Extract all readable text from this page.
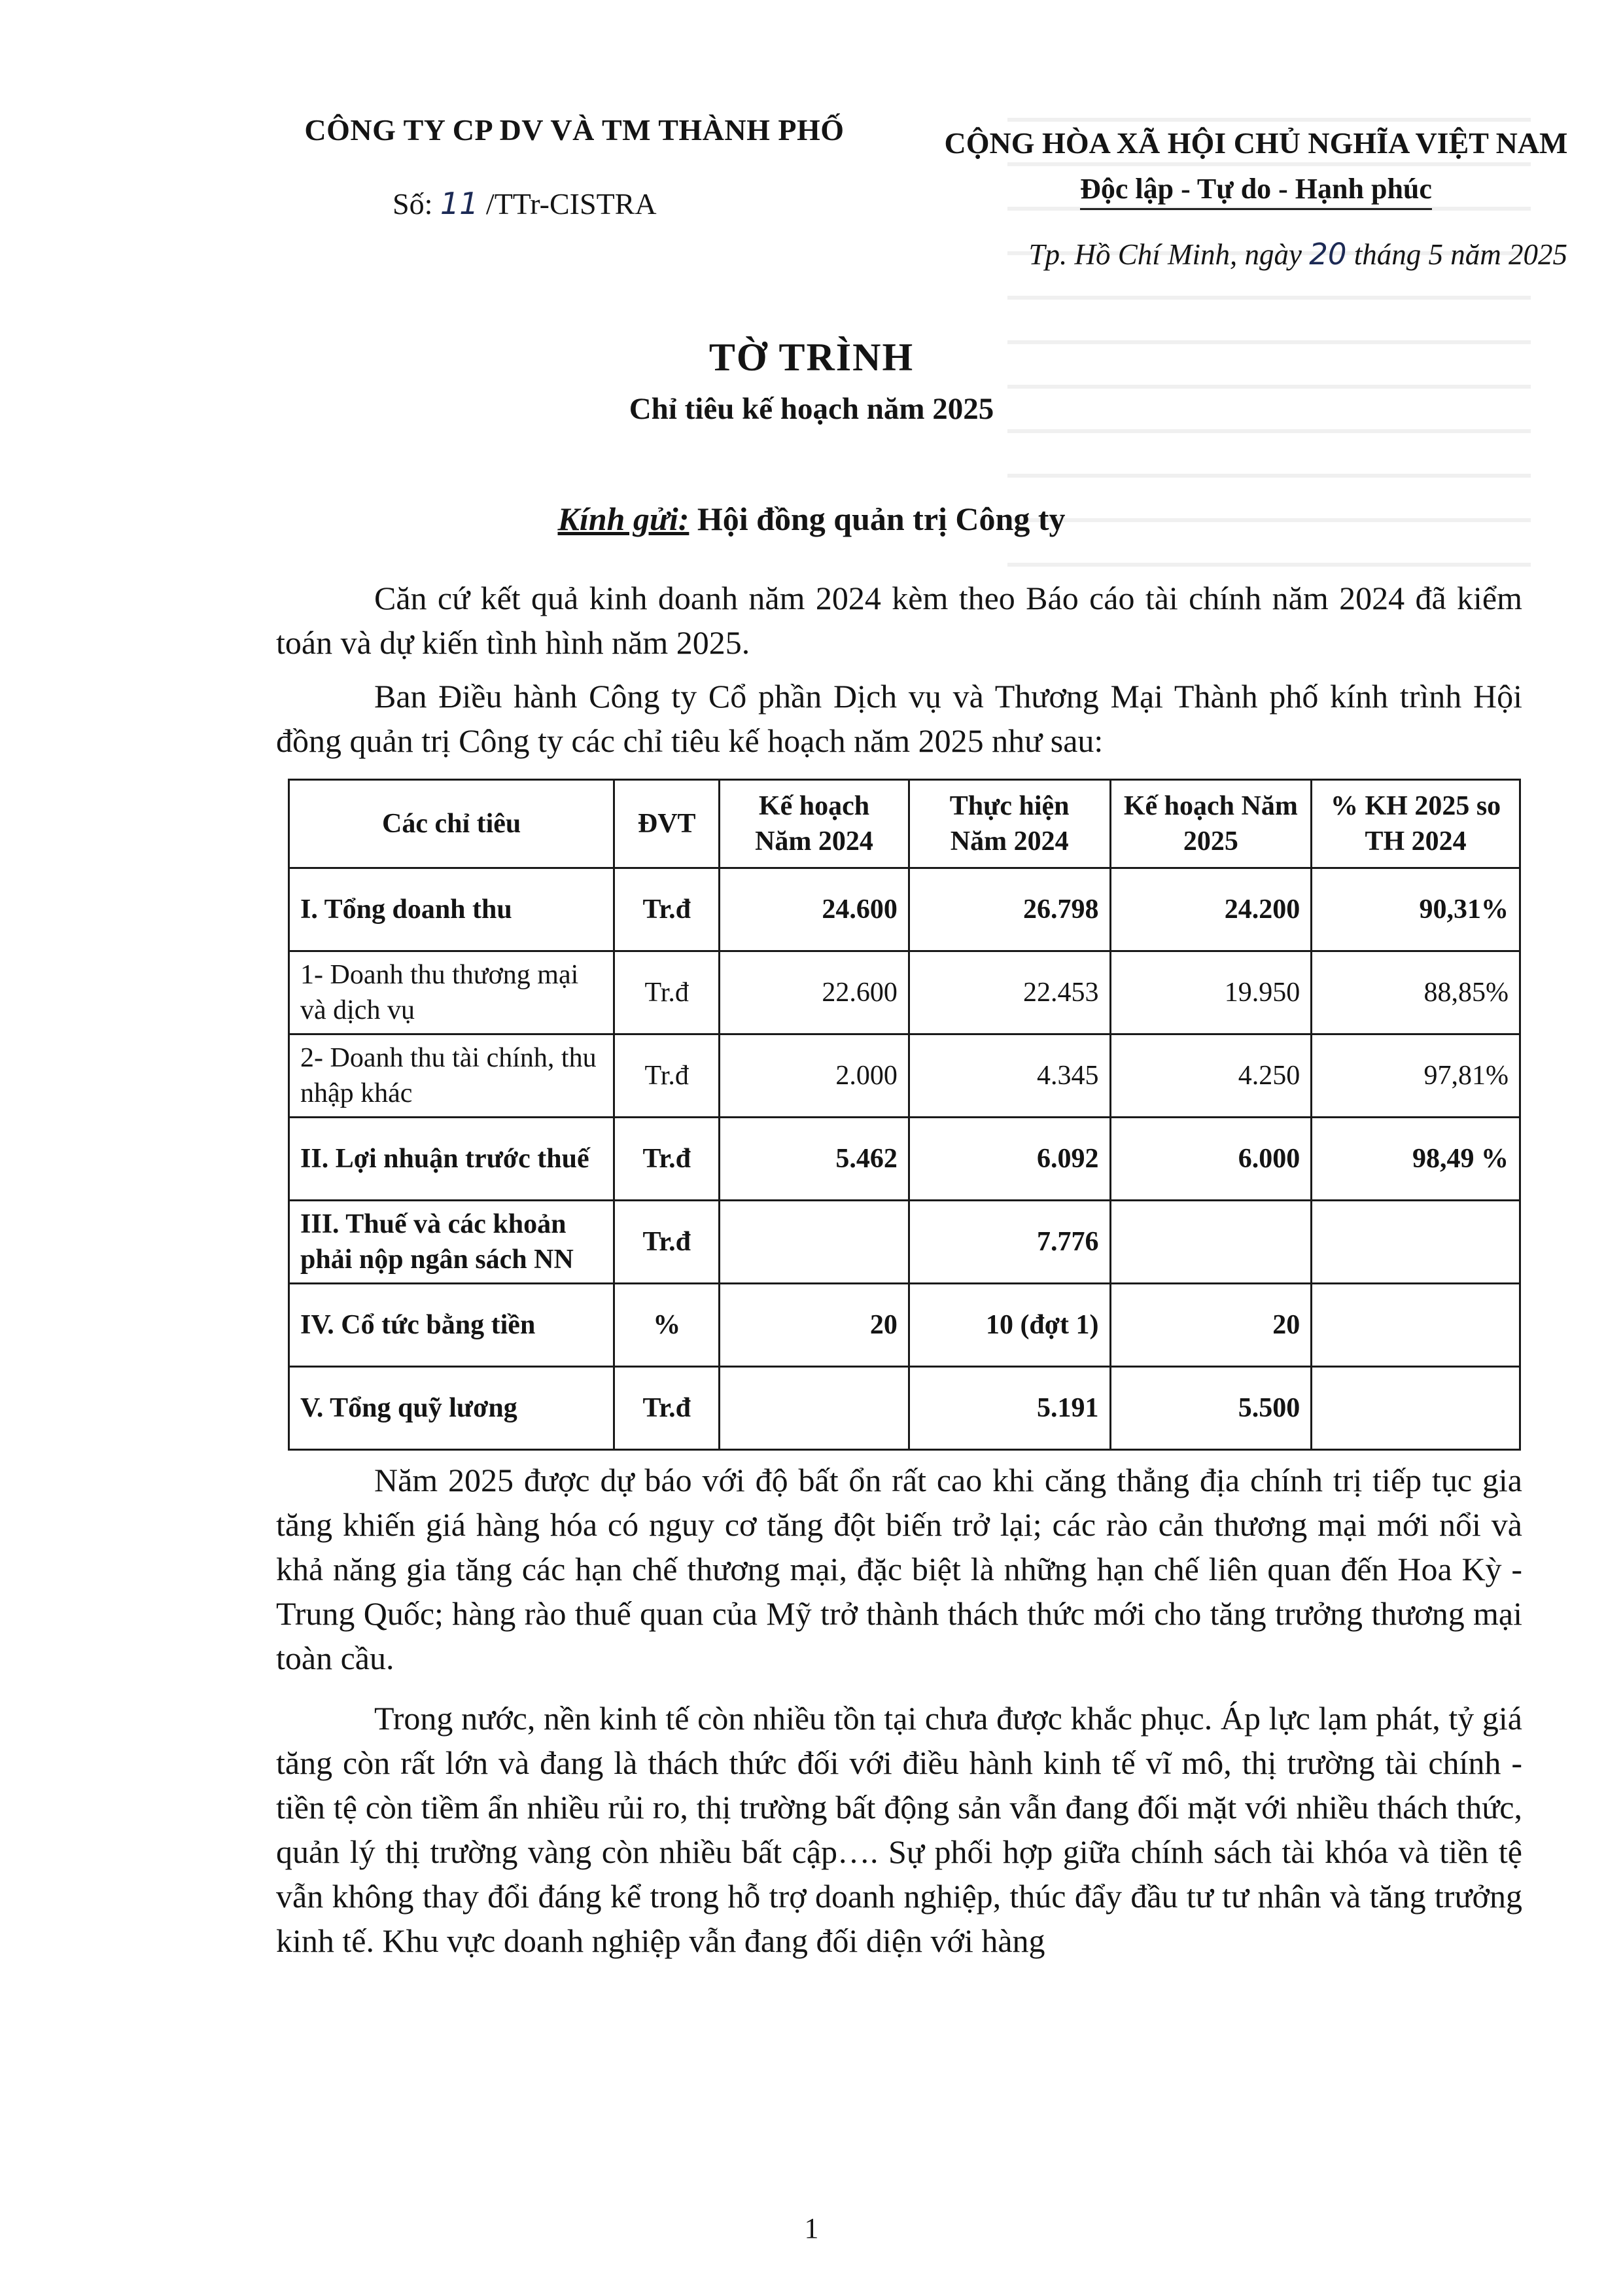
CÔNG TY CP DV VÀ TM THÀNH PHỐ
Số: 11 /TTr-CISTRA
CỘNG HÒA XÃ HỘI CHỦ NGHĨA VIỆT NAM
Độc lập - Tự do - Hạnh phúc
Tp. Hồ Chí Minh, ngày 20 tháng 5 năm 2025
TỜ TRÌNH
Chỉ tiêu kế hoạch năm 2025
Kính gửi: Hội đồng quản trị Công ty
Căn cứ kết quả kinh doanh năm 2024 kèm theo Báo cáo tài chính năm 2024 đã kiểm toán và dự kiến tình hình năm 2025.
Ban Điều hành Công ty Cổ phần Dịch vụ và Thương Mại Thành phố kính trình Hội đồng quản trị Công ty các chỉ tiêu kế hoạch năm 2025 như sau:
Các chỉ tiêu	ĐVT	Kế hoạch Năm 2024	Thực hiện Năm 2024	Kế hoạch Năm 2025	% KH 2025 so TH 2024
I. Tổng doanh thu	Tr.đ	24.600	26.798	24.200	90,31%
1- Doanh thu thương mại và dịch vụ	Tr.đ	22.600	22.453	19.950	88,85%
2- Doanh thu tài chính, thu nhập khác	Tr.đ	2.000	4.345	4.250	97,81%
II. Lợi nhuận trước thuế	Tr.đ	5.462	6.092	6.000	98,49 %
III. Thuế và các khoản phải nộp ngân sách NN	Tr.đ		7.776		
IV. Cổ tức bằng tiền	%	20	10 (đợt 1)	20	
V. Tổng quỹ lương	Tr.đ		5.191	5.500	
Năm 2025 được dự báo với độ bất ổn rất cao khi căng thẳng địa chính trị tiếp tục gia tăng khiến giá hàng hóa có nguy cơ tăng đột biến trở lại; các rào cản thương mại mới nổi và khả năng gia tăng các hạn chế thương mại, đặc biệt là những hạn chế liên quan đến Hoa Kỳ - Trung Quốc; hàng rào thuế quan của Mỹ trở thành thách thức mới cho tăng trưởng thương mại toàn cầu.
Trong nước, nền kinh tế còn nhiều tồn tại chưa được khắc phục. Áp lực lạm phát, tỷ giá tăng còn rất lớn và đang là thách thức đối với điều hành kinh tế vĩ mô, thị trường tài chính - tiền tệ còn tiềm ẩn nhiều rủi ro, thị trường bất động sản vẫn đang đối mặt với nhiều thách thức, quản lý thị trường vàng còn nhiều bất cập…. Sự phối hợp giữa chính sách tài khóa và tiền tệ vẫn không thay đổi đáng kể trong hỗ trợ doanh nghiệp, thúc đẩy đầu tư tư nhân và tăng trưởng kinh tế. Khu vực doanh nghiệp vẫn đang đối diện với hàng
1
